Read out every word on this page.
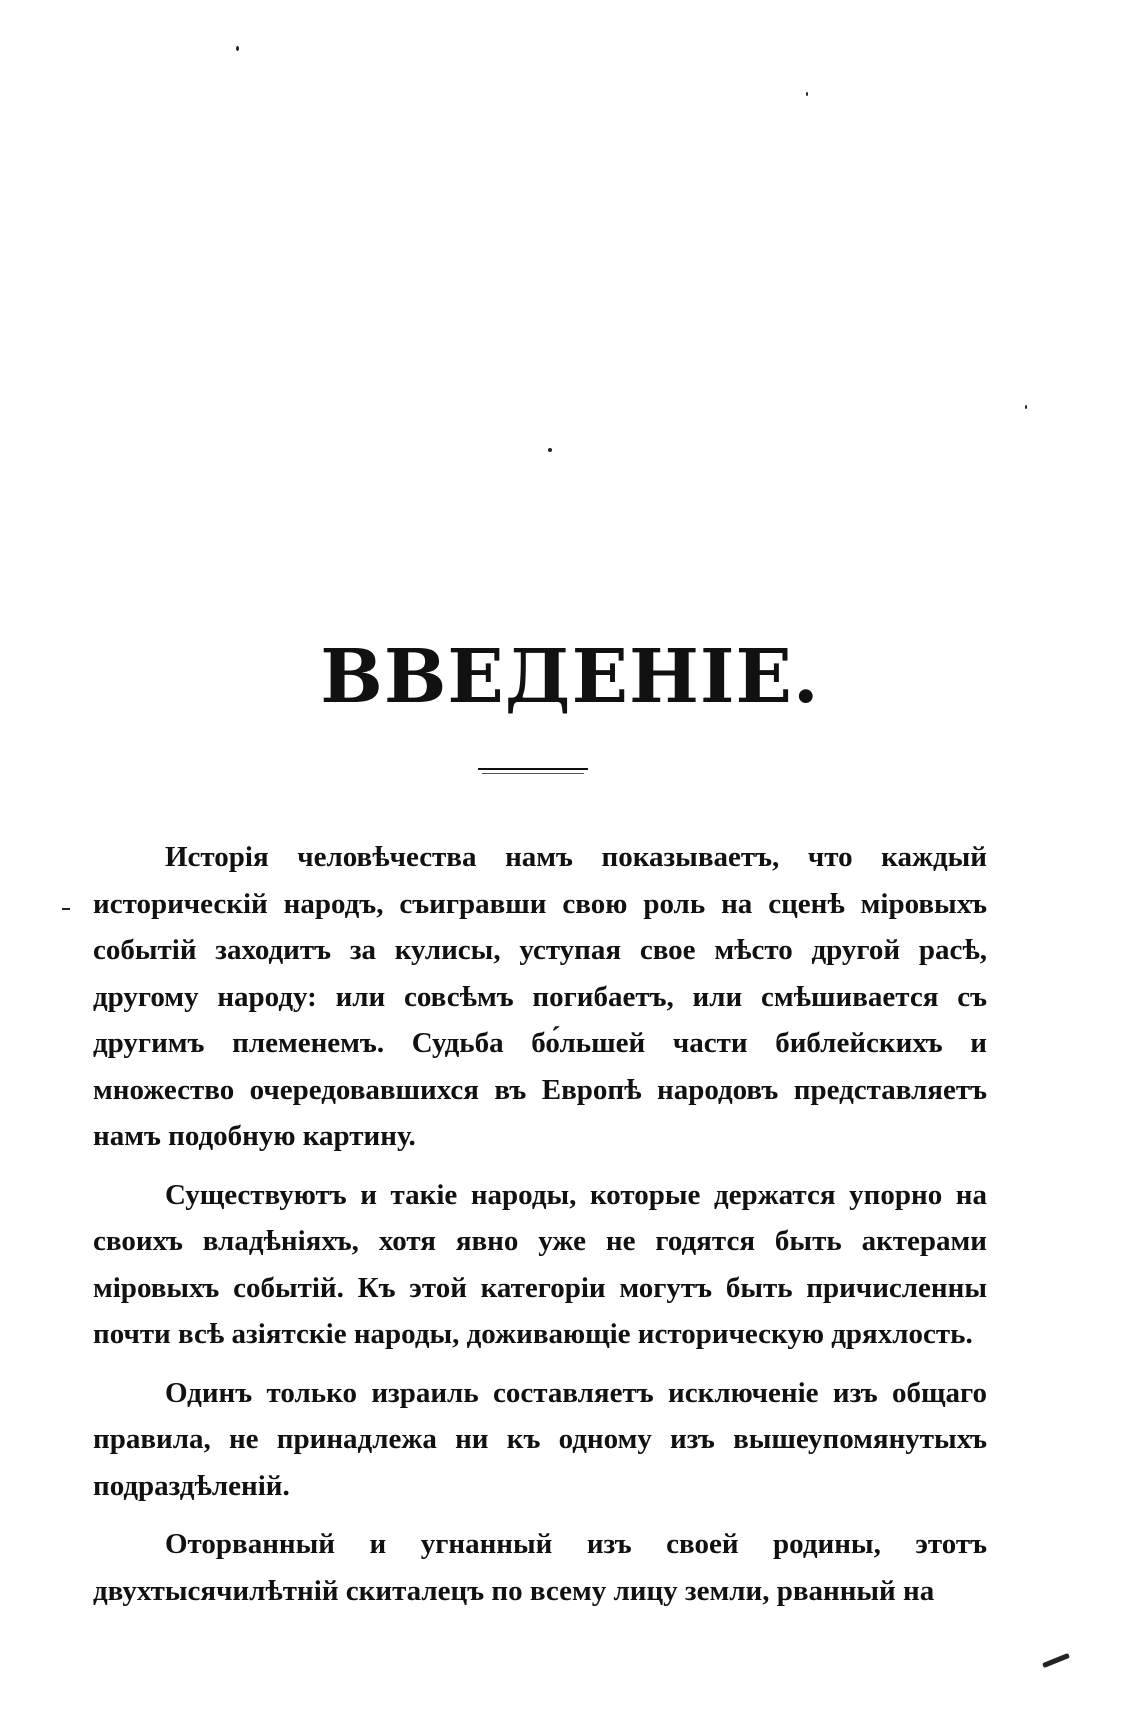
ВВЕДЕНІЕ.

Исторія человѣчества намъ показываетъ, что каждый историческій народъ, съигравши свою роль на сценѣ міровыхъ событій заходитъ за кулисы, уступая свое мѣсто другой расѣ, другому народу: или совсѣмъ погибаетъ, или смѣшивается съ другимъ племенемъ. Судьба бо́льшей части библейскихъ и множество очередовавшихся въ Европѣ народовъ представляетъ намъ подобную картину.

Существуютъ и такіе народы, которые держатся упорно на своихъ владѣніяхъ, хотя явно уже не годятся быть актерами міровыхъ событій. Къ этой категоріи могутъ быть причисленны почти всѣ азіятскіе народы, доживающіе историческую дряхлость.

Одинъ только израиль составляетъ исключеніе изъ общаго правила, не принадлежа ни къ одному изъ вышеупомянутыхъ подраздѣленій.

Оторванный и угнанный изъ своей родины, этотъ двухтысячилѣтній скиталецъ по всему лицу земли, рванный на
